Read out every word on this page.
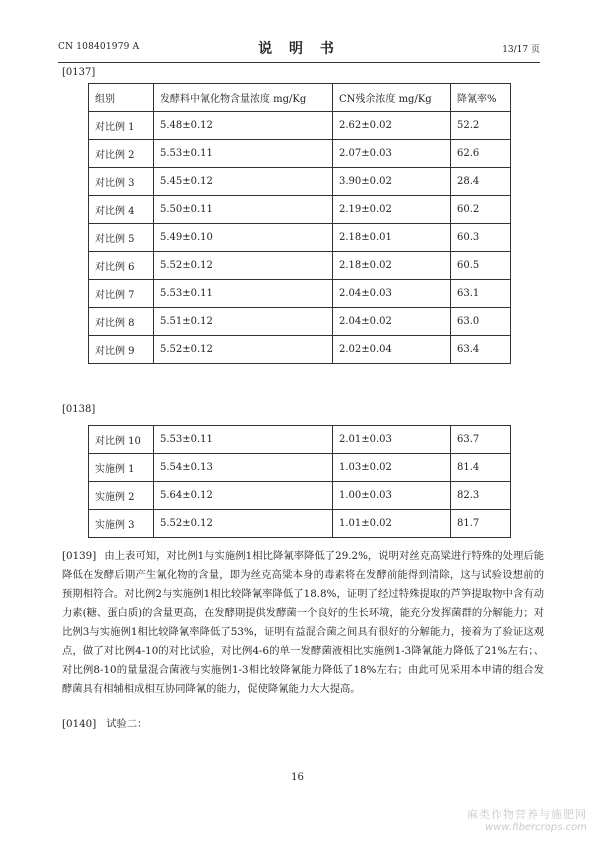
CN 108401979 A	说 明 书	13/17 页
[0137]
组别	发酵料中氰化物含量浓度 mg/Kg	CN残余浓度 mg/Kg	降氰率%
对比例 1	5.48±0.12	2.62±0.02	52.2
对比例 2	5.53±0.11	2.07±0.03	62.6
对比例 3	5.45±0.12	3.90±0.02	28.4
对比例 4	5.50±0.11	2.19±0.02	60.2
对比例 5	5.49±0.10	2.18±0.01	60.3
对比例 6	5.52±0.12	2.18±0.02	60.5
对比例 7	5.53±0.11	2.04±0.03	63.1
对比例 8	5.51±0.12	2.04±0.02	63.0
对比例 9	5.52±0.12	2.02±0.04	63.4
[0138]
对比例 10	5.53±0.11	2.01±0.03	63.7
实施例 1	5.54±0.13	1.03±0.02	81.4
实施例 2	5.64±0.12	1.00±0.03	82.3
实施例 3	5.52±0.12	1.01±0.02	81.7

[0139] 由上表可知，对比例1与实施例1相比降氰率降低了29.2%，说明对丝克高粱进行特殊的处理后能降低在发酵后期产生氰化物的含量，即为丝克高粱本身的毒素将在发酵前能得到清除，这与试验设想前的预期相符合。对比例2与实施例1相比较降氰率降低了18.8%，证明了经过特殊提取的芦笋提取物中含有动力素(糖、蛋白质)的含量更高，在发酵期提供发酵菌一个良好的生长环境，能充分发挥菌群的分解能力；对比例3与实施例1相比较降氰率降低了53%，证明有益混合菌之间具有很好的分解能力，接着为了验证这观点，做了对比例4-10的对比试验，对比例4-6的单一发酵菌液相比实施例1-3降氰能力降低了21%左右；、对比例8-10的量量混合菌液与实施例1-3相比较降氰能力降低了18%左右；由此可见采用本申请的组合发酵菌具有相辅相成相互协同降氰的能力，促使降氰能力大大提高。

[0140] 试验二：
16
麻类作物营养与施肥网
www.fibercrops.com
